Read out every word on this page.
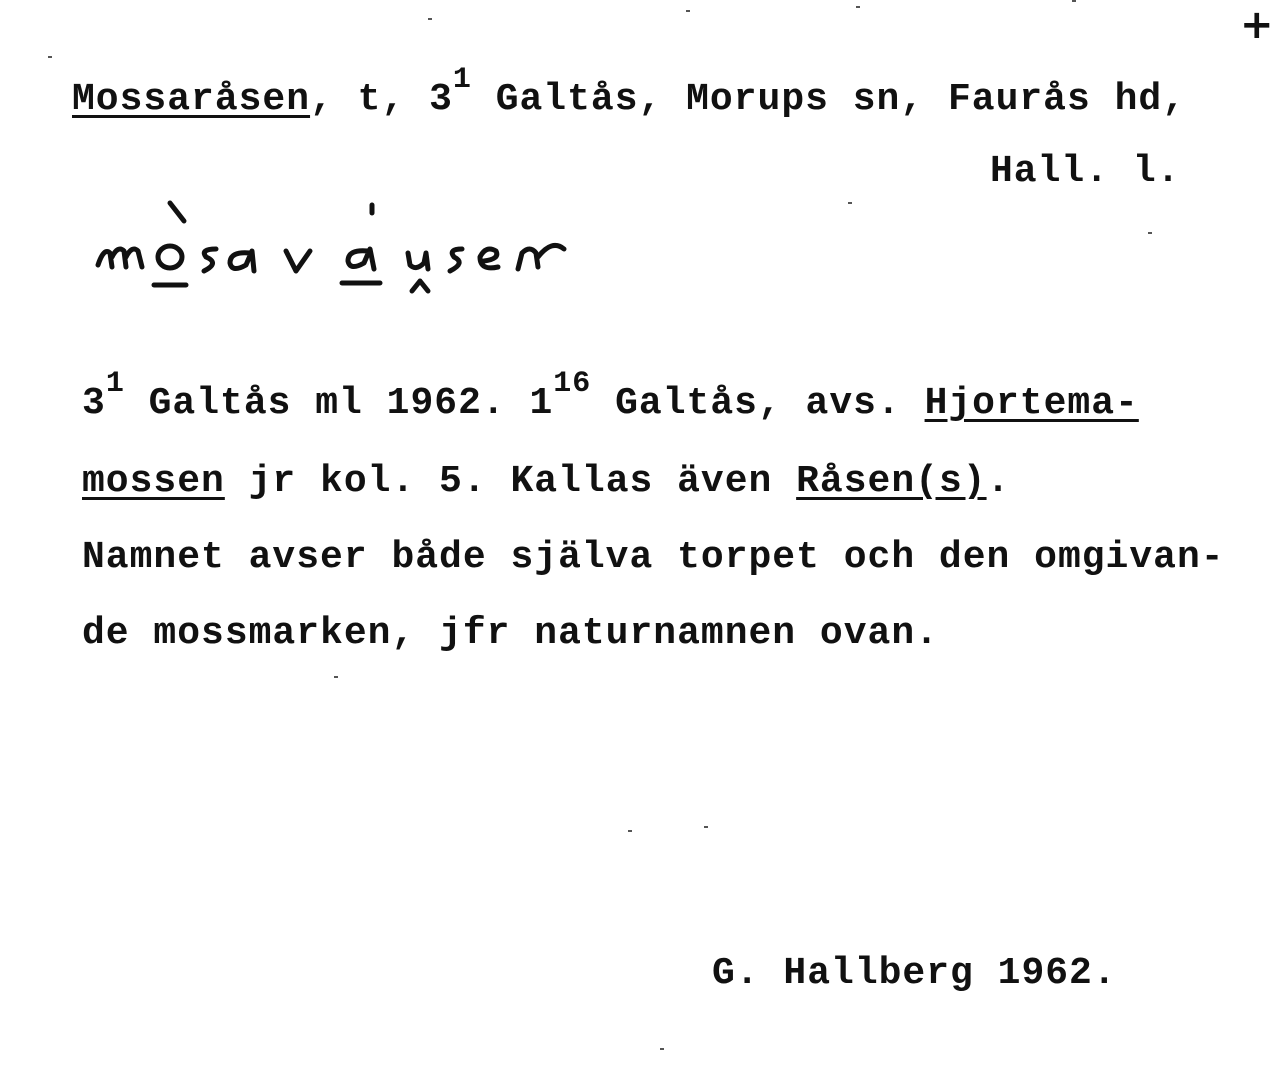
+
Mossaråsen, t, $3^1$ Galtås, Morups sn, Faurås hd,
Hall. l.
$3^1$ Galtås ml 1962. $1^{16}$ Galtås, avs. Hjortema-
mossen jr kol. 5. Kallas även Råsen(s).
Namnet avser både själva torpet och den omgivan-
de mossmarken, jfr naturnamnen ovan.
G. Hallberg 1962.
